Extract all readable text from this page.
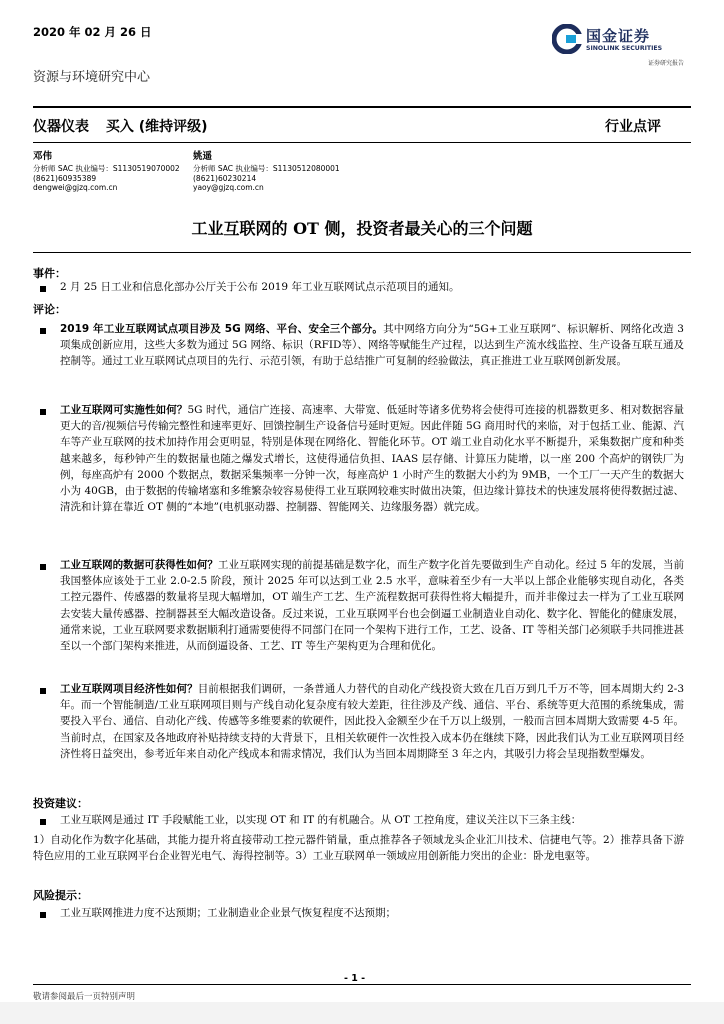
2020 年 02 月 26 日	国金证券
SINOLINK SECURITIES
证券研究报告
资源与环境研究中心
仪器仪表 买入 (维持评级)	行业点评
邓伟
分析师 SAC 执业编号：S1130519070002
(8621)60935389
dengwei@gjzq.com.cn
姚遥
分析师 SAC 执业编号：S1130512080001
(8621)60230214
yaoy@gjzq.com.cn
工业互联网的 OT 侧，投资者最关心的三个问题
事件：
2 月 25 日工业和信息化部办公厅关于公布 2019 年工业互联网试点示范项目的通知。
评论：
2019 年工业互联网试点项目涉及 5G 网络、平台、安全三个部分。其中网络方向分为“5G+工业互联网”、标识解析、网络化改造 3 项集成创新应用，这些大多数为通过 5G 网络、标识（RFID等）、网络等赋能生产过程，以达到生产流水线监控、生产设备互联互通及控制等。通过工业互联网试点项目的先行、示范引领，有助于总结推广可复制的经验做法，真正推进工业互联网创新发展。
工业互联网可实施性如何？5G 时代，通信广连接、高速率、大带宽、低延时等诸多优势将会使得可连接的机器数更多、相对数据容量更大的音/视频信号传输完整性和速率更好、回馈控制生产设备信号延时更短。因此伴随 5G 商用时代的来临，对于包括工业、能源、汽车等产业互联网的技术加持作用会更明显，特别是体现在网络化、智能化环节。OT 端工业自动化水平不断提升，采集数据广度和种类越来越多，每秒钟产生的数据量也随之爆发式增长，这使得通信负担、IAAS 层存储、计算压力陡增，以一座 200 个高炉的钢铁厂为例，每座高炉有 2000 个数据点，数据采集频率一分钟一次，每座高炉 1 小时产生的数据大小约为 9MB，一个工厂一天产生的数据大小为 40GB，由于数据的传输堵塞和多维繁杂较容易使得工业互联网较难实时做出决策，但边缘计算技术的快速发展将使得数据过滤、清洗和计算在靠近 OT 侧的“本地”(电机驱动器、控制器、智能网关、边缘服务器）就完成。
工业互联网的数据可获得性如何？工业互联网实现的前提基础是数字化，而生产数字化首先要做到生产自动化。经过 5 年的发展，当前我国整体应该处于工业 2.0-2.5 阶段，预计 2025 年可以达到工业 2.5 水平，意味着至少有一大半以上部企业能够实现自动化，各类工控元器件、传感器的数量将呈现大幅增加，OT 端生产工艺、生产流程数据可获得性将大幅提升，而并非像过去一样为了工业互联网去安装大量传感器、控制器甚至大幅改造设备。反过来说，工业互联网平台也会倒逼工业制造业自动化、数字化、智能化的健康发展，通常来说，工业互联网要求数据顺利打通需要使得不同部门在同一个架构下进行工作，工艺、设备、IT 等相关部门必须联手共同推进甚至以一个部门架构来推进，从而倒逼设备、工艺、IT 等生产架构更为合理和优化。
工业互联网项目经济性如何？目前根据我们调研，一条普通人力替代的自动化产线投资大致在几百万到几千万不等，回本周期大约 2-3 年。而一个智能制造/工业互联网项目则与产线自动化复杂度有较大差距，往往涉及产线、通信、平台、系统等更大范围的系统集成，需要投入平台、通信、自动化产线、传感等多维要素的软硬件，因此投入金额至少在千万以上级别，一般而言回本周期大致需要 4-5 年。当前时点，在国家及各地政府补贴持续支持的大背景下，且相关软硬件一次性投入成本仍在继续下降，因此我们认为工业互联网项目经济性将日益突出，参考近年来自动化产线成本和需求情况，我们认为当回本周期降至 3 年之内，其吸引力将会呈现指数型爆发。
投资建议：
工业互联网是通过 IT 手段赋能工业，以实现 OT 和 IT 的有机融合。从 OT 工控角度，建议关注以下三条主线：
1）自动化作为数字化基础，其能力提升将直接带动工控元器件销量，重点推荐各子领域龙头企业汇川技术、信捷电气等。2）推荐具备下游特色应用的工业互联网平台企业智光电气、海得控制等。3）工业互联网单一领域应用创新能力突出的企业：卧龙电驱等。
风险提示：
工业互联网推进力度不达预期；工业制造业企业景气恢复程度不达预期；
- 1 -
敬请参阅最后一页特别声明
